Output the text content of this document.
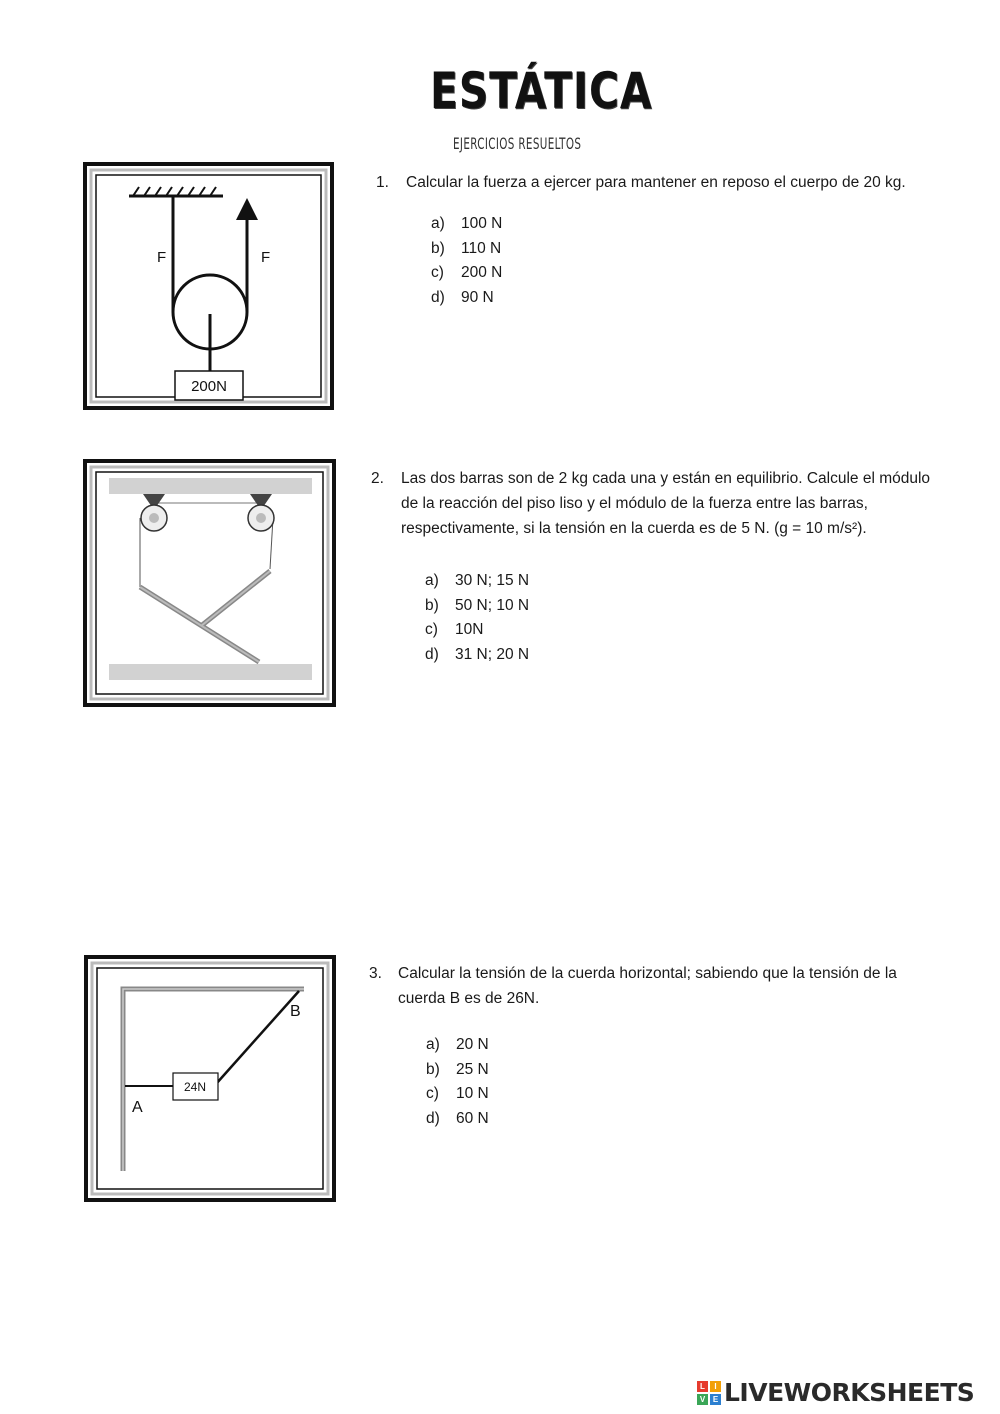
ESTÁTICA
EJERCICIOS RESUELTOS
200N
F	F
1. Calcular la fuerza a ejercer para mantener en reposo el cuerpo de 20 kg.
a) 100 N
b) 110 N
c) 200 N
d) 90 N
2. Las dos barras son de 2 kg cada una y están en equilibrio. Calcule el módulo
de la reacción del piso liso y el módulo de la fuerza entre las barras,
respectivamente, si la tensión en la cuerda es de 5 N. (g = 10 m/s²).
a) 30 N; 15 N
b) 50 N; 10 N
c) 10N
d) 31 N; 20 N
24N
A
B
3. Calcular la tensión de la cuerda horizontal; sabiendo que la tensión de la
cuerda B es de 26N.
a) 20 N
b) 25 N
c) 10 N
d) 60 N
L	I
V E LIVEWORKSHEETS
